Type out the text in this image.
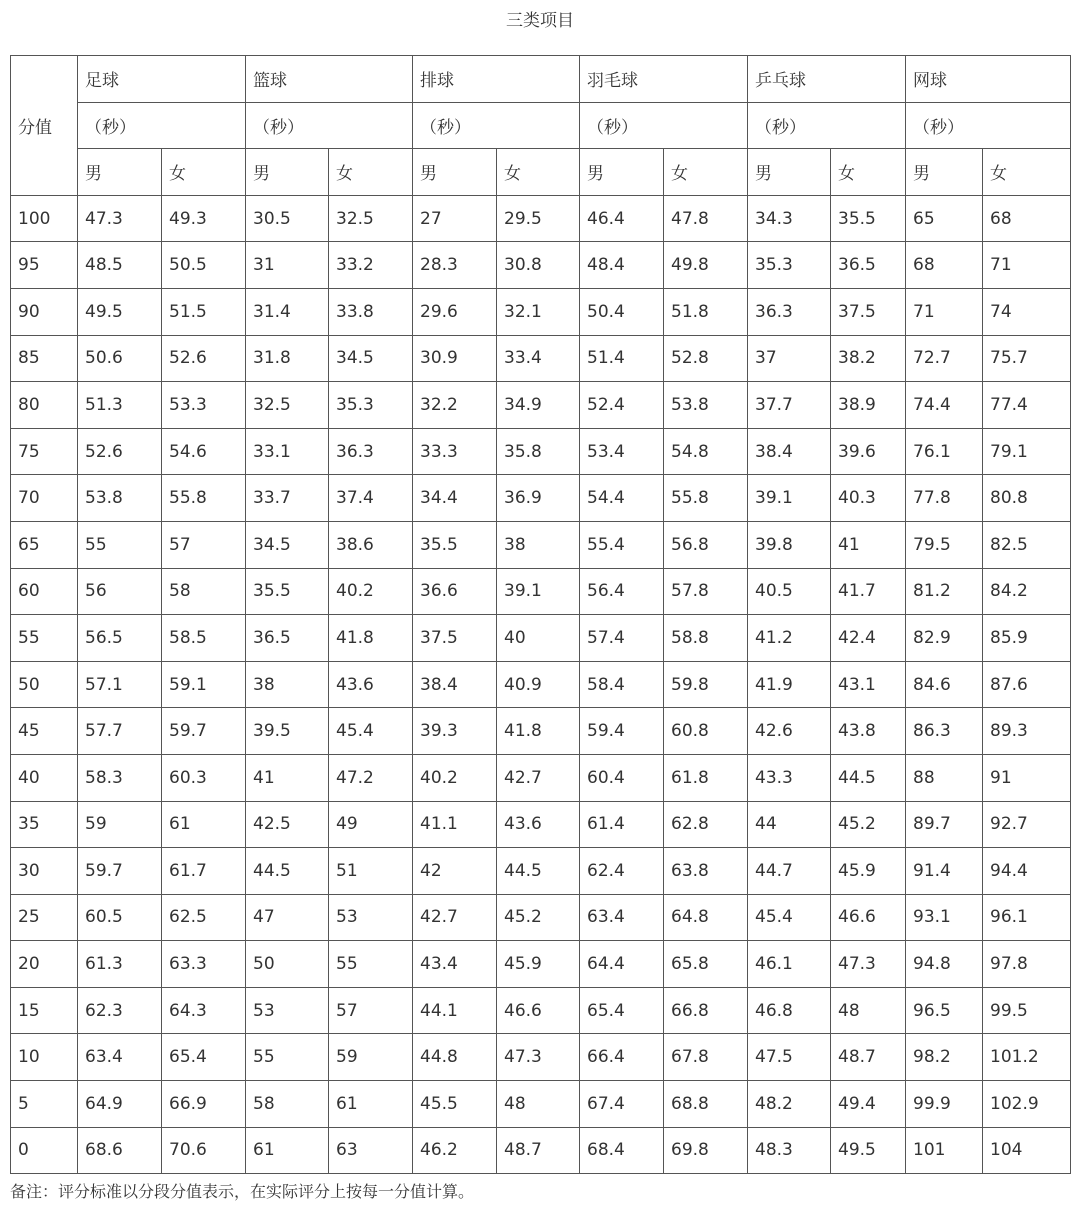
三类项目
分值	足球		篮球		排球		羽毛球		乒乓球		网球	
	（秒）		（秒）		（秒）		（秒）		（秒）		（秒）	
	男	女	男	女	男	女	男	女	男	女	男	女
100	47.3	49.3	30.5	32.5	27	29.5	46.4	47.8	34.3	35.5	65	68
95	48.5	50.5	31	33.2	28.3	30.8	48.4	49.8	35.3	36.5	68	71
90	49.5	51.5	31.4	33.8	29.6	32.1	50.4	51.8	36.3	37.5	71	74
85	50.6	52.6	31.8	34.5	30.9	33.4	51.4	52.8	37	38.2	72.7	75.7
80	51.3	53.3	32.5	35.3	32.2	34.9	52.4	53.8	37.7	38.9	74.4	77.4
75	52.6	54.6	33.1	36.3	33.3	35.8	53.4	54.8	38.4	39.6	76.1	79.1
70	53.8	55.8	33.7	37.4	34.4	36.9	54.4	55.8	39.1	40.3	77.8	80.8
65	55	57	34.5	38.6	35.5	38	55.4	56.8	39.8	41	79.5	82.5
60	56	58	35.5	40.2	36.6	39.1	56.4	57.8	40.5	41.7	81.2	84.2
55	56.5	58.5	36.5	41.8	37.5	40	57.4	58.8	41.2	42.4	82.9	85.9
50	57.1	59.1	38	43.6	38.4	40.9	58.4	59.8	41.9	43.1	84.6	87.6
45	57.7	59.7	39.5	45.4	39.3	41.8	59.4	60.8	42.6	43.8	86.3	89.3
40	58.3	60.3	41	47.2	40.2	42.7	60.4	61.8	43.3	44.5	88	91
35	59	61	42.5	49	41.1	43.6	61.4	62.8	44	45.2	89.7	92.7
30	59.7	61.7	44.5	51	42	44.5	62.4	63.8	44.7	45.9	91.4	94.4
25	60.5	62.5	47	53	42.7	45.2	63.4	64.8	45.4	46.6	93.1	96.1
20	61.3	63.3	50	55	43.4	45.9	64.4	65.8	46.1	47.3	94.8	97.8
15	62.3	64.3	53	57	44.1	46.6	65.4	66.8	46.8	48	96.5	99.5
10	63.4	65.4	55	59	44.8	47.3	66.4	67.8	47.5	48.7	98.2	101.2
5	64.9	66.9	58	61	45.5	48	67.4	68.8	48.2	49.4	99.9	102.9
0	68.6	70.6	61	63	46.2	48.7	68.4	69.8	48.3	49.5	101	104
备注：评分标准以分段分值表示，在实际评分上按每一分值计算。
